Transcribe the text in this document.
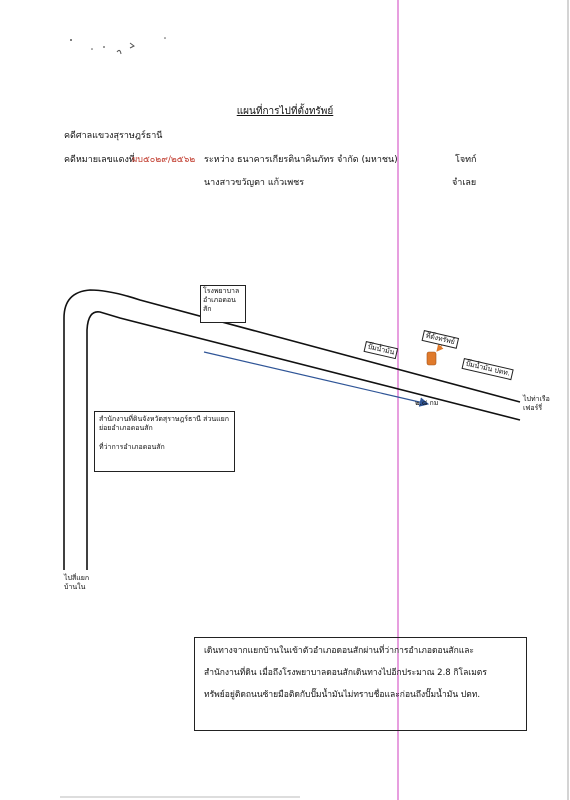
แผนที่การไปที่ตั้งทรัพย์
คดีศาลแขวงสุราษฎร์ธานี
คดีหมายเลขแดงที่
ผบ๕๐๒๙/๒๕๖๒ ระหว่าง ธนาคารเกียรตินาคินภัทร จำกัด (มหาชน)	โจทก์
นางสาวขวัญตา แก้วเพชร	จำเลย
โรงพยาบาล
อำเภอดอน
สัก
ปั๊มน้ำมัน
ที่ตั้งทรัพย์
ปั๊มน้ำมัน ปตท.
๒.๘ กม	ไปท่าเรือ
เฟอร์รี่
สำนักงานที่ดินจังหวัดสุราษฎร์ธานี ส่วนแยก
ย่อยอำเภอดอนสัก
ที่ว่าการอำเภอดอนสัก
ไปสี่แยก
บ้านใน

เดินทางจากแยกบ้านในเข้าตัวอำเภอดอนสักผ่านที่ว่าการอำเภอดอนสักและ

สำนักงานที่ดิน เมื่อถึงโรงพยาบาลดอนสักเดินทางไปอีกประมาณ 2.8 กิโลเมตร

ทรัพย์อยู่ติดถนนซ้ายมือติดกับปั๊มน้ำมันไม่ทราบชื่อและก่อนถึงปั๊มน้ำมัน ปตท.
